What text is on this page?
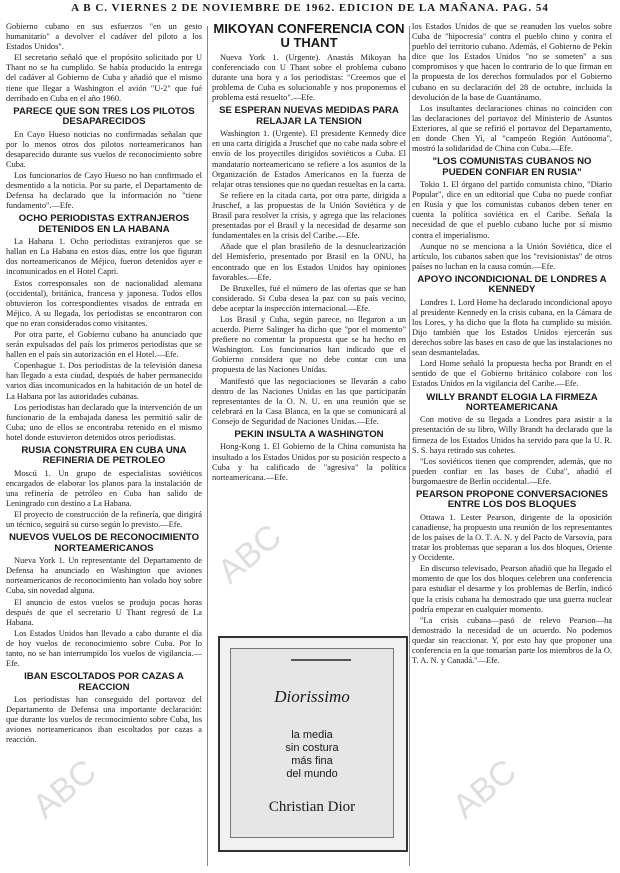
A B C. VIERNES 2 DE NOVIEMBRE DE 1962. EDICION DE LA MAÑANA. PAG. 54

Gobierno cubano en sus esfuerzos "en un gesto humanitario" a devolver el cadáver del piloto a los Estados Unidos".

El secretario señaló que el propósito solicitado por U Thant no se ha cumplido. Se había producido la entrega del cadáver al Gobierno de Cuba y añadió que el mismo tiene que llegar a Washington el avión "U-2" que fué derribado en Cuba en el año 1960.

PARECE QUE SON TRES LOS PILOTOS DESAPARECIDOS

En Cayo Hueso noticias no confirmadas señalan que por lo menos otros dos pilotos norteamericanos han desaparecido durante sus vuelos de reconocimiento sobre Cuba.

Los funcionarios de Cayo Hueso no han confirmado el desmentido a la noticia. Por su parte, el Departamento de Defensa ha declarado que la información no "tiene fundamento".—Efe.

OCHO PERIODISTAS EXTRANJEROS DETENIDOS EN LA HABANA

La Habana 1. Ocho periodistas extranjeros que se hallan en La Habana en estos días, entre los que figuran dos norteamericanos de Méjico, fueron detenidos ayer e incomunicados en el Hotel Capri.

Estos corresponsales son de nacionalidad alemana (occidental), británica, francesa y japonesa. Todos ellos obtuvieron los correspondientes visados de entrada en Méjico. A su llegada, los periodistas se encontraron con que no eran considerados como visitantes.

Por otra parte, el Gobierno cubano ha anunciado que serán expulsados del país los primeros periodistas que se hallen en el país sin autorización en el Hotel.—Efe.

Copenhague 1. Dos periodistas de la televisión danesa han llegado a esta ciudad, después de haber permanecido varios días incomunicados en la habitación de un hotel de La Habana por las autoridades cubanas.

Los periodistas han declarado que la intervención de un funcionario de la embajada danesa les permitió salir de Cuba; uno de ellos se encontraba retenido en el mismo hotel donde estuvieron detenidos otros periodistas.

RUSIA CONSTRUIRA EN CUBA UNA REFINERIA DE PETROLEO

Moscú 1. Un grupo de especialistas soviéticos encargados de elaborar los planos para la instalación de una refinería de petróleo en Cuba han salido de Leningrado con destino a La Habana.

El proyecto de construcción de la refinería, que dirigirá un técnico, seguirá su curso según lo previsto.—Efe.

NUEVOS VUELOS DE RECONOCIMIENTO NORTEAMERICANOS

Nueva York 1. Un representante del Departamento de Defensa ha anunciado en Washington que aviones norteamericanos de reconocimiento han volado hoy sobre Cuba, sin novedad alguna.

El anuncio de estos vuelos se produjo pocas horas después de que el secretario U Thant regresó de La Habana.

Los Estados Unidos han llevado a cabo durante el día de hoy vuelos de reconocimiento sobre Cuba. Por lo tanto, no se han interrumpido los vuelos de vigilancia.—Efe.

IBAN ESCOLTADOS POR CAZAS A REACCION

Los periodistas han conseguido del portavoz del Departamento de Defensa una importante declaración: que durante los vuelos de reconocimiento sobre Cuba, los aviones norteamericanos iban escoltados por cazas a reacción.

MIKOYAN CONFERENCIA CON U THANT

Nueva York 1. (Urgente). Anastás Mikoyan ha conferenciado con U Thant sobre el problema cubano durante una hora y a los periodistas: "Creemos que el problema de Cuba es solucionable y nos proponemos el problema está resuelto".—Efe.

SE ESPERAN NUEVAS MEDIDAS PARA RELAJAR LA TENSION

Washington 1. (Urgente). El presidente Kennedy dice en una carta dirigida a Jruschef que no cabe nada sobre el envío de los proyectiles dirigidos soviéticos a Cuba. El mandatario norteamericano se refiere a los asuntos de la Organización de Estados Americanos en la fuerza de relajar otras tensiones que no quedan resueltas en la carta.

Se refiere en la citada carta, por otra parte, dirigida a Jruschef, a las propuestas de la Unión Soviética y de Brasil para resolver la crisis, y agrega que las relaciones presentadas por el Brasil y la necesidad de desarme son fundamentales en la crisis del Caribe.—Efe.

Añade que el plan brasileño de la desnuclearización del Hemisferio, presentado por Brasil en la ONU, ha encontrado que en los Estados Unidos hay opiniones favorables.—Efe.

De Bruxelles, fué el número de las ofertas que se han considerado. Si Cuba desea la paz con su país vecino, debe aceptar la inspección internacional.—Efe.

Los Brasil y Cuba, según parece, no llegaron a un acuerdo. Pierre Salinger ha dicho que "por el momento" prefiere no comentar la propuesta que se ha hecho en Washington. Los funcionarios han indicado que el Gobierno considera que no debe contar con una propuesta de las Naciones Unidas.

Manifestó que las negociaciones se llevarán a cabo dentro de las Naciones Unidas en las que participarán representantes de la O. N. U. en una reunión que se celebrará en la Casa Blanca, en la que se comunicará al Consejo de Seguridad de Naciones Unidas.—Efe.

PEKIN INSULTA A WASHINGTON

Hong-Kong 1. El Gobierno de la China comunista ha insultado a los Estados Unidos por su posición respecto a Cuba y ha calificado de "agresiva" la política norteamericana.—Efe.

los Estados Unidos de que se reanuden los vuelos sobre Cuba de "hipocresía" contra el pueblo chino y contra el pueblo del territorio cubano. Además, el Gobierno de Pekín dice que los Estados Unidos "no se someten" a sus compromisos y que hacen lo contrario de lo que firman en la propuesta de los derechos formulados por el Gobierno cubano en su declaración del 28 de octubre, incluida la devolución de la base de Guantánamo.

Los insultantes declaraciones chinas no coinciden con las declaraciones del portavoz del Ministerio de Asuntos Exteriores, al que se refirió el portavoz del Departamento, en donde Chen Yi, al "campeón Región Autónoma", mostró la solidaridad de China con Cuba.—Efe.

"LOS COMUNISTAS CUBANOS NO PUEDEN CONFIAR EN RUSIA"

Tokio 1. El órgano del partido comunista chino, "Diario Popular", dice en un editorial que Cuba no puede confiar en Rusia y que los comunistas cubanos deben tener en cuenta la política soviética en el Caribe. Señala la necesidad de que el pueblo cubano luche por sí mismo contra el imperialismo.

Aunque no se menciona a la Unión Soviética, dice el artículo, los cubanos saben que los "revisionistas" de otros países no luchan en la causa común.—Efe.

APOYO INCONDICIONAL DE LONDRES A KENNEDY

Londres 1. Lord Home ha declarado incondicional apoyo al presidente Kennedy en la crisis cubana, en la Cámara de los Lores, y ha dicho que la flota ha cumplido su misión. Dijo también que los Estados Unidos ejercerán sus derechos sobre las bases en caso de que las instalaciones no sean desmanteladas.

Lord Home señaló la propuesta hecha por Brandt en el sentido de que el Gobierno británico colabore con los Estados Unidos en la vigilancia del Caribe.—Efe.

WILLY BRANDT ELOGIA LA FIRMEZA NORTEAMERICANA

Con motivo de su llegada a Londres para asistir a la presentación de su libro, Willy Brandt ha declarado que la firmeza de los Estados Unidos ha servido para que la U. R. S. S. haya retirado sus cohetes.

"Los soviéticos tienen que comprender, además, que no pueden confiar en las bases de Cuba", añadió el burgomaestre de Berlín occidental.—Efe.

PEARSON PROPONE CONVERSACIONES ENTRE LOS DOS BLOQUES

Ottawa 1. Lester Pearson, dirigente de la oposición canadiense, ha propuesto una reunión de los representantes de los países de la O. T. A. N. y del Pacto de Varsovia, para tratar los problemas que separan a los dos bloques, Oriente y Occidente.

En discurso televisado, Pearson añadió que ha llegado el momento de que los dos bloques celebren una conferencia para estudiar el desarme y los problemas de Berlín, indicó que la crisis cubana ha demostrado que una guerra nuclear podría empezar en cualquier momento.

"La crisis cubana—pasó de relevo Pearson—ha demostrado la necesidad de un acuerdo. No podemos quedar sin reaccionar. Y, por esto hay que proponer una conferencia en la que tomarían parte los miembros de la O. T. A. N. y Canadá."—Efe.

Diorissimo
la media
sin costura
más fina
del mundo
Christian Dior
ABC
ABC
ABC
